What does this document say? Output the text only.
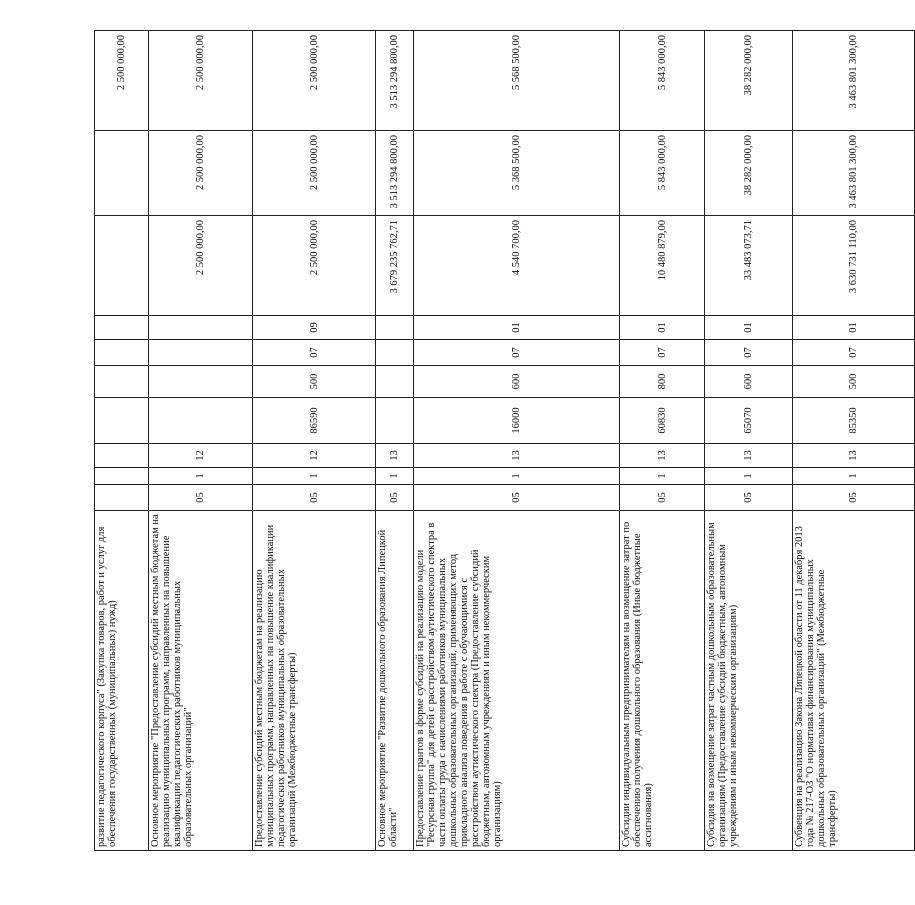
развитие педагогического корпуса" (Закупка товаров, работ и услуг для обеспечения государственных (муниципальных) нужд)										2 500 000,00
Основное мероприятие "Предоставление субсидий местным бюджетам на реализацию муниципальных программ, направленных на повышение квалификации педагогических работников муниципальных образовательных организаций"	05	1	12					2 500 000,00	2 500 000,00	2 500 000,00
Предоставление субсидий местным бюджетам на реализацию муниципальных программ, направленных на повышение квалификации педагогических работников муниципальных образовательных организаций (Межбюджетные трансферты)	05	1	12	86590	500	07	09	2 500 000,00	2 500 000,00	2 500 000,00
Основное мероприятие "Развитие дошкольного образования Липецкой области"	05	1	13					3 679 235 762,71	3 513 294 800,00	3 513 294 800,00
Предоставление грантов в форме субсидий на реализацию модели "Ресурсная группа" для детей с расстройством аутистического спектра в части оплаты труда с начислениями работников муниципальных дошкольных образовательных организаций, применяющих метод прикладного анализа поведения в работе с обучающимися с расстройством аутистического спектра (Предоставление субсидий бюджетным, автономным учреждениям и иным некоммерческим организациям)	05	1	13	16000	600	07	01	4 540 700,00	5 368 500,00	5 568 500,00
Субсидии индивидуальным предпринимателям на возмещение затрат по обеспечению получения дошкольного образования (Иные бюджетные ассигнования)	05	1	13	60830	800	07	01	10 480 879,00	5 843 000,00	5 843 000,00
Субсидия на возмещение затрат частным дошкольным образовательным организациям (Предоставление субсидий бюджетным, автономным учреждениям и иным некоммерческим организациям)	05	1	13	65070	600	07	01	33 483 073,71	38 282 000,00	38 282 000,00
Субвенция на реализацию Закона Липецкой области от 11 декабря 2013 года № 217-ОЗ "О нормативах финансирования муниципальных дошкольных образовательных организаций" (Межбюджетные трансферты)	05	1	13	85350	500	07	01	3 630 731 110,00	3 463 801 300,00	3 463 801 300,00
